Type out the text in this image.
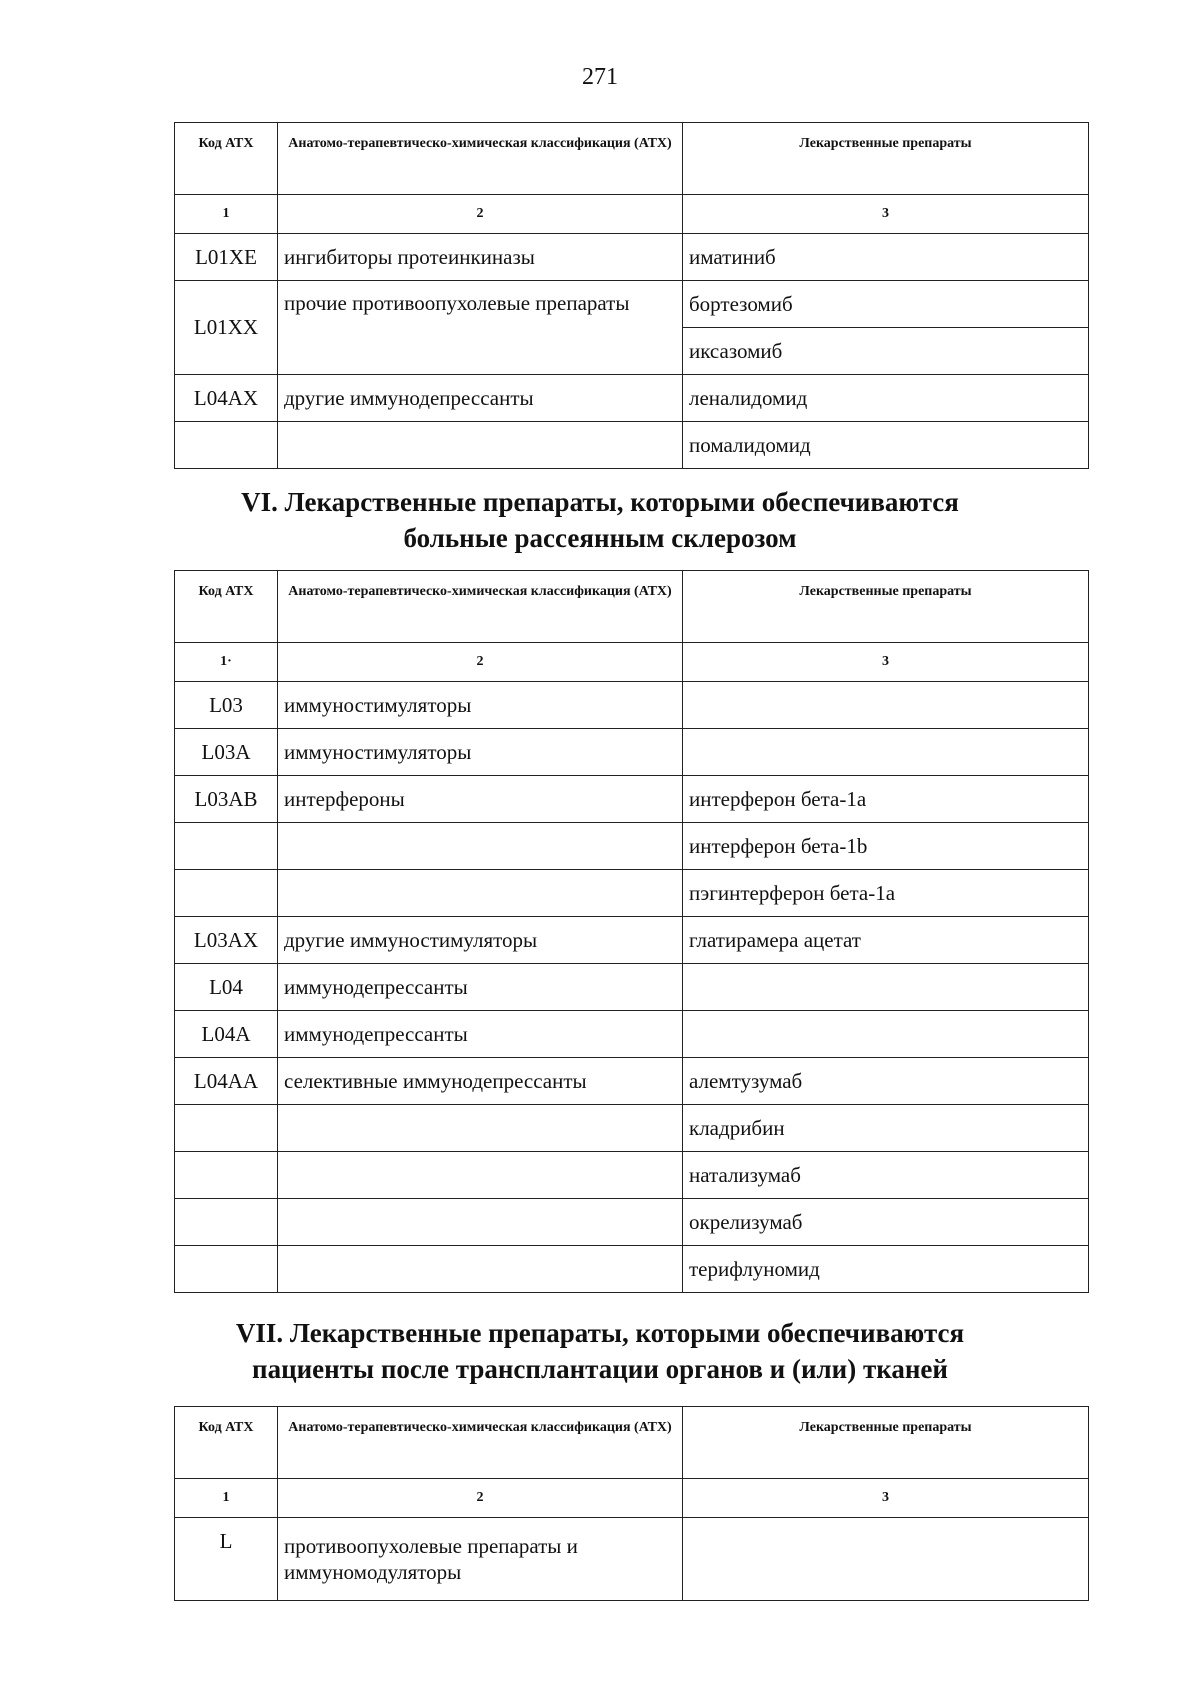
271
Код АТХ	Анатомо-терапевтическо-химическая классификация (АТХ)	Лекарственные препараты
1	2	3
L01XE	ингибиторы протеинкиназы	иматиниб
L01XX	прочие противоопухолевые препараты	бортезомиб
		иксазомиб
L04AX	другие иммунодепрессанты	леналидомид
		помалидомид
VI. Лекарственные препараты, которыми обеспечиваются
больные рассеянным склерозом
Код АТХ	Анатомо-терапевтическо-химическая классификация (АТХ)	Лекарственные препараты
1·	2	3
L03	иммуностимуляторы	
L03A	иммуностимуляторы	
L03AB	интерфероны	интерферон бета-1a
		интерферон бета-1b
		пэгинтерферон бета-1a
L03AX	другие иммуностимуляторы	глатирамера ацетат
L04	иммунодепрессанты	
L04A	иммунодепрессанты	
L04AA	селективные иммунодепрессанты	алемтузумаб
		кладрибин
		натализумаб
		окрелизумаб
		терифлуномид
VII. Лекарственные препараты, которыми обеспечиваются
пациенты после трансплантации органов и (или) тканей
Код АТХ	Анатомо-терапевтическо-химическая классификация (АТХ)	Лекарственные препараты
1	2	3
L	противоопухолевые препараты и иммуномодуляторы	
